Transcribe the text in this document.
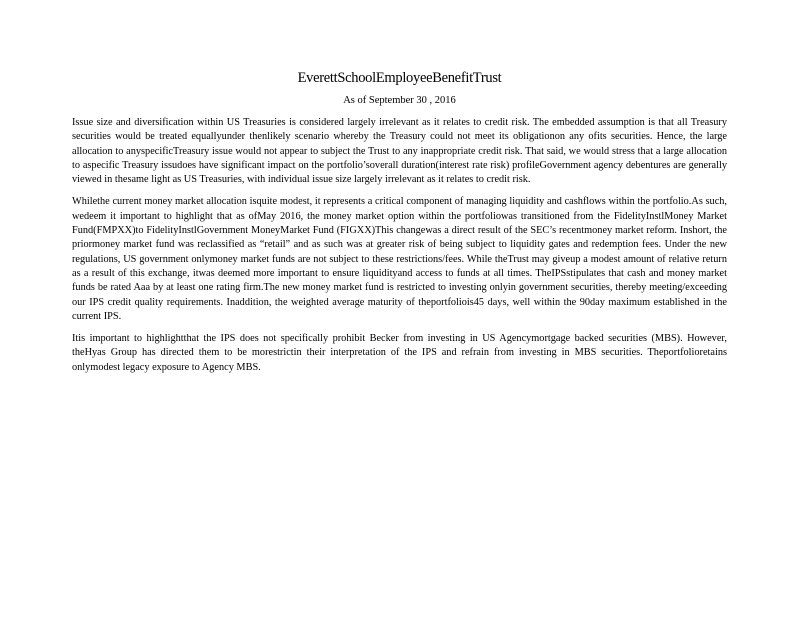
EverettSchoolEmployeeBenefitTrust
As of September 30 , 2016

Issue size and diversification within US Treasuries is considered largely irrelevant as it relates to credit risk. The embedded assumption is that all Treasury securities would be treated equallyunder thenlikely scenario whereby the Treasury could not meet its obligationon any ofits securities. Hence, the large allocation to anyspecificTreasury issue would not appear to subject the Trust to any inappropriate credit risk. That said, we would stress that a large allocation to aspecific Treasury issudoes have significant impact on the portfolio’soverall duration(interest rate risk) profileGovernment agency debentures are generally viewed in thesame light as US Treasuries, with individual issue size largely irrelevant as it relates to credit risk.

Whilethe current money market allocation isquite modest, it represents a critical component of managing liquidity and cashflows within the portfolio.As such, wedeem it important to highlight that as ofMay 2016, the money market option within the portfoliowas transitioned from the FidelityInstlMoney Market Fund(FMPXX)to FidelityInstlGovernment MoneyMarket Fund (FIGXX)This changewas a direct result of the SEC’s recentmoney market reform. Inshort, the priormoney market fund was reclassified as “retail” and as such was at greater risk of being subject to liquidity gates and redemption fees. Under the new regulations, US government onlymoney market funds are not subject to these restrictions/fees. While theTrust may giveup a modest amount of relative return as a result of this exchange, itwas deemed more important to ensure liquidityand access to funds at all times. TheIPSstipulates that cash and money market funds be rated Aaa by at least one rating firm.The new money market fund is restricted to investing onlyin government securities, thereby meeting/exceeding our IPS credit quality requirements. Inaddition, the weighted average maturity of theportfoliois45 days, well within the 90day maximum established in the current IPS.

Itis important to highlightthat the IPS does not specifically prohibit Becker from investing in US Agencymortgage backed securities (MBS). However, theHyas Group has directed them to be morestrictin their interpretation of the IPS and refrain from investing in MBS securities. Theportfolioretains onlymodest legacy exposure to Agency MBS.
